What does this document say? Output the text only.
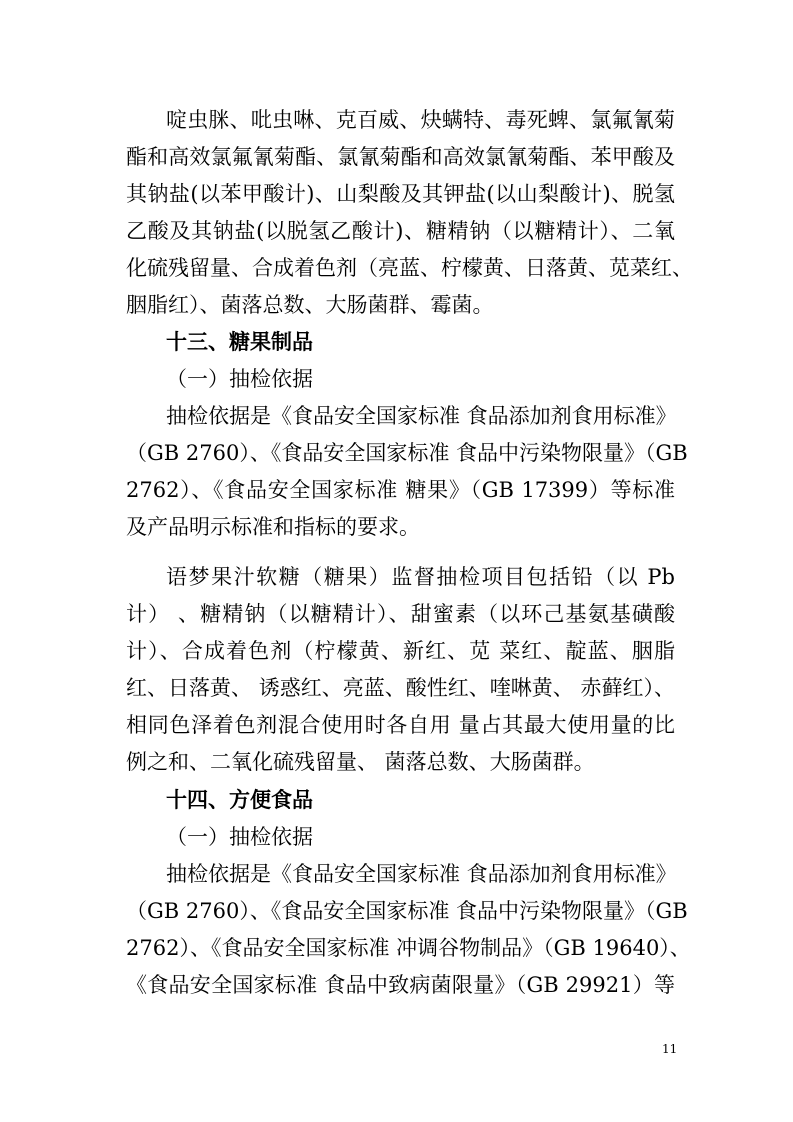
啶虫脒、吡虫啉、克百威、炔螨特、毒死蜱、氯氟氰菊
酯和高效氯氟氰菊酯、氯氰菊酯和高效氯氰菊酯、苯甲酸及
其钠盐(以苯甲酸计)、山梨酸及其钾盐(以山梨酸计)、脱氢
乙酸及其钠盐(以脱氢乙酸计)、糖精钠（以糖精计）、二氧
化硫残留量、合成着色剂（亮蓝、柠檬黄、日落黄、苋菜红、
胭脂红）、菌落总数、大肠菌群、霉菌。
十三、糖果制品
（一）抽检依据
抽检依据是《食品安全国家标准 食品添加剂食用标准》
（GB 2760）、《食品安全国家标准 食品中污染物限量》（GB
2762）、《食品安全国家标准 糖果》（GB 17399）等标准
及产品明示标准和指标的要求。
语梦果汁软糖（糖果）监督抽检项目包括铅（以 Pb
计） 、糖精钠（以糖精计）、甜蜜素（以环己基氨基磺酸
计）、合成着色剂（柠檬黄、新红、苋 菜红、靛蓝、胭脂
红、日落黄、 诱惑红、亮蓝、酸性红、喹啉黄、 赤藓红）、
相同色泽着色剂混合使用时各自用 量占其最大使用量的比
例之和、二氧化硫残留量、 菌落总数、大肠菌群。
十四、方便食品
（一）抽检依据
抽检依据是《食品安全国家标准 食品添加剂食用标准》
（GB 2760）、《食品安全国家标准 食品中污染物限量》（GB
2762）、《食品安全国家标准 冲调谷物制品》（GB 19640）、
《食品安全国家标准 食品中致病菌限量》（GB 29921）等
11
